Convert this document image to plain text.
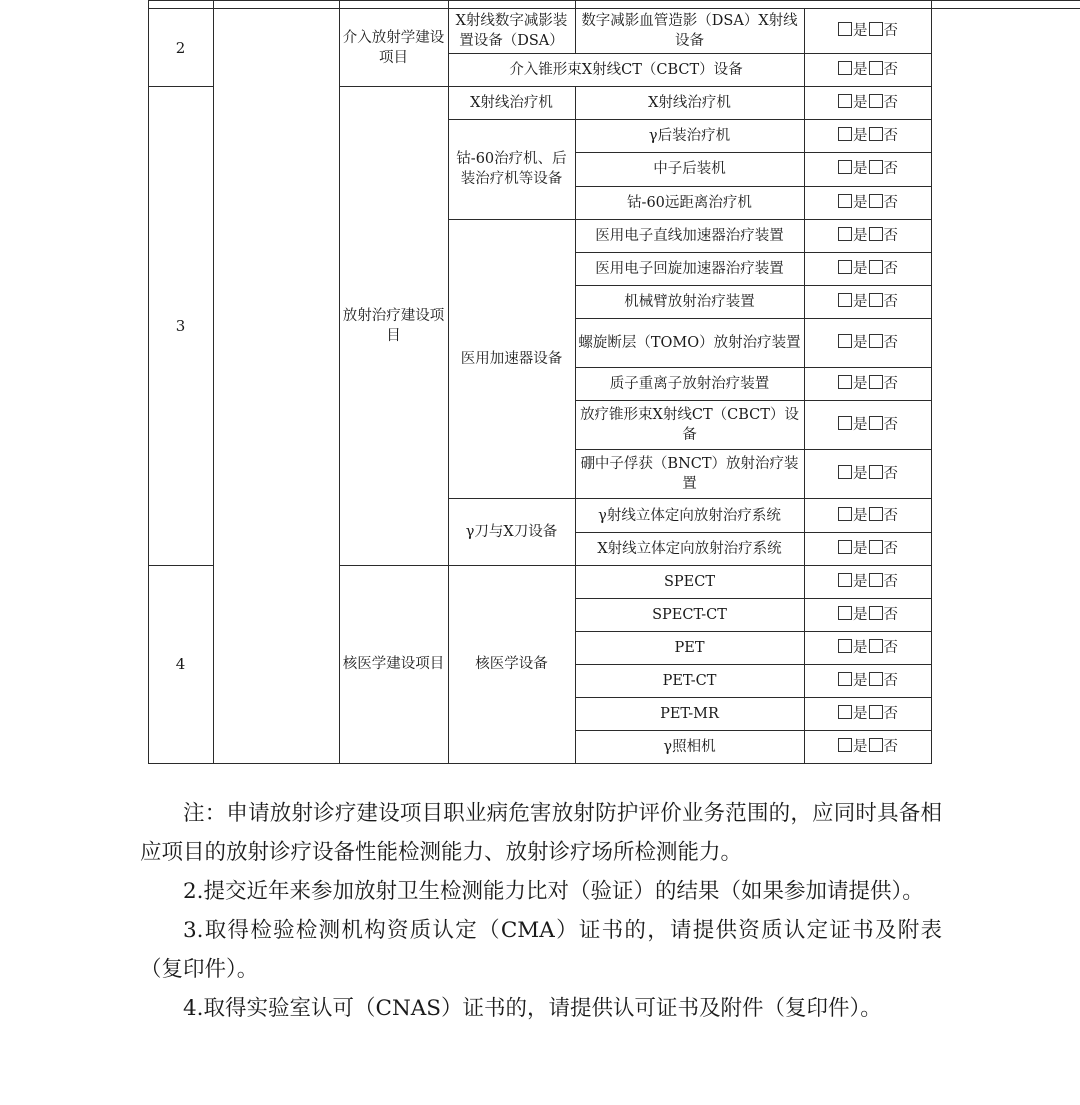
	2		介入放射学建设项目	X射线数字减影装置设备（DSA）	数字减影血管造影（DSA）X射线设备	是 否	
				介入锥形束X射线CT（CBCT）设备		是 否	
	3		放射治疗建设项目	X射线治疗机	X射线治疗机	是 否	
				钴-60治疗机、后装治疗机等设备	γ后装治疗机	是 否	
					中子后装机	是 否	
					钴-60远距离治疗机	是 否	
				医用加速器设备	医用电子直线加速器治疗装置	是 否	
					医用电子回旋加速器治疗装置	是 否	
					机械臂放射治疗装置	是 否	
					螺旋断层（TOMO）放射治疗装置	是 否	
					质子重离子放射治疗装置	是 否	
					放疗锥形束X射线CT（CBCT）设备	是 否	
					硼中子俘获（BNCT）放射治疗装置	是 否	
				γ刀与X刀设备	γ射线立体定向放射治疗系统	是 否	
					X射线立体定向放射治疗系统	是 否	
	4		核医学建设项目	核医学设备	SPECT	是 否	
					SPECT-CT	是 否	
					PET	是 否	
					PET-CT	是 否	
					PET-MR	是 否	
					γ照相机	是 否	

注：申请放射诊疗建设项目职业病危害放射防护评价业务范围的，应同时具备相应项目的放射诊疗设备性能检测能力、放射诊疗场所检测能力。

2.提交近年来参加放射卫生检测能力比对（验证）的结果（如果参加请提供）。

3.取得检验检测机构资质认定（CMA）证书的，请提供资质认定证书及附表（复印件）。

4.取得实验室认可（CNAS）证书的，请提供认可证书及附件（复印件）。
